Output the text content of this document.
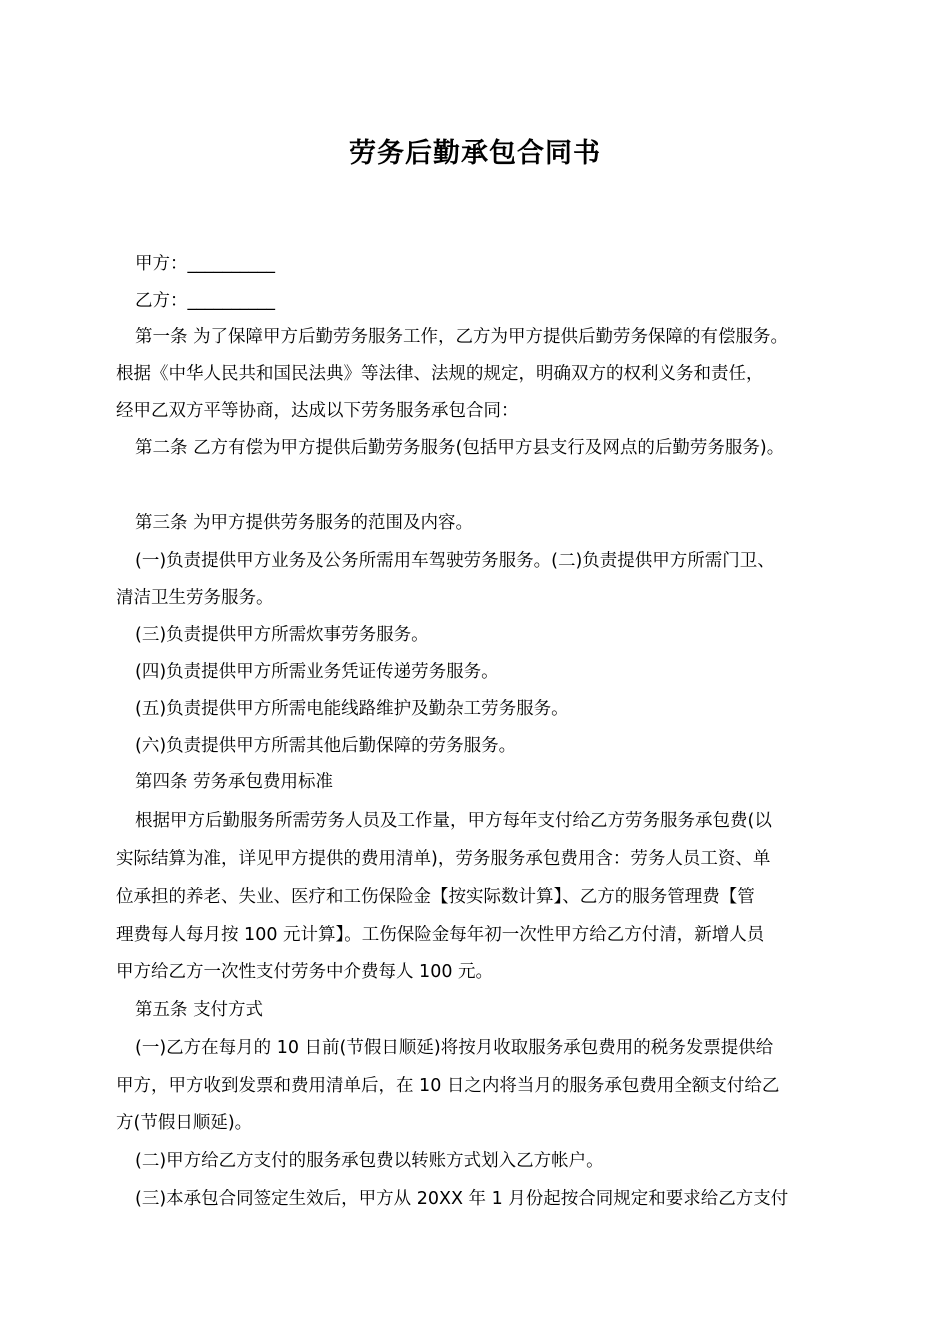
劳务后勤承包合同书
甲方：__________
乙方：__________
第一条 为了保障甲方后勤劳务服务工作，乙方为甲方提供后勤劳务保障的有偿服务。
根据《中华人民共和国民法典》等法律、法规的规定，明确双方的权利义务和责任，
经甲乙双方平等协商，达成以下劳务服务承包合同：
第二条 乙方有偿为甲方提供后勤劳务服务(包括甲方县支行及网点的后勤劳务服务)。
第三条 为甲方提供劳务服务的范围及内容。
(一)负责提供甲方业务及公务所需用车驾驶劳务服务。(二)负责提供甲方所需门卫、
清洁卫生劳务服务。
(三)负责提供甲方所需炊事劳务服务。
(四)负责提供甲方所需业务凭证传递劳务服务。
(五)负责提供甲方所需电能线路维护及勤杂工劳务服务。
(六)负责提供甲方所需其他后勤保障的劳务服务。
第四条 劳务承包费用标准
根据甲方后勤服务所需劳务人员及工作量，甲方每年支付给乙方劳务服务承包费(以
实际结算为准，详见甲方提供的费用清单)，劳务服务承包费用含：劳务人员工资、单
位承担的养老、失业、医疗和工伤保险金【按实际数计算】、乙方的服务管理费【管
理费每人每月按 100 元计算】。工伤保险金每年初一次性甲方给乙方付清，新增人员
甲方给乙方一次性支付劳务中介费每人 100 元。
第五条 支付方式
(一)乙方在每月的 10 日前(节假日顺延)将按月收取服务承包费用的税务发票提供给
甲方，甲方收到发票和费用清单后，在 10 日之内将当月的服务承包费用全额支付给乙
方(节假日顺延)。
(二)甲方给乙方支付的服务承包费以转账方式划入乙方帐户。
(三)本承包合同签定生效后，甲方从 20XX 年 1 月份起按合同规定和要求给乙方支付
